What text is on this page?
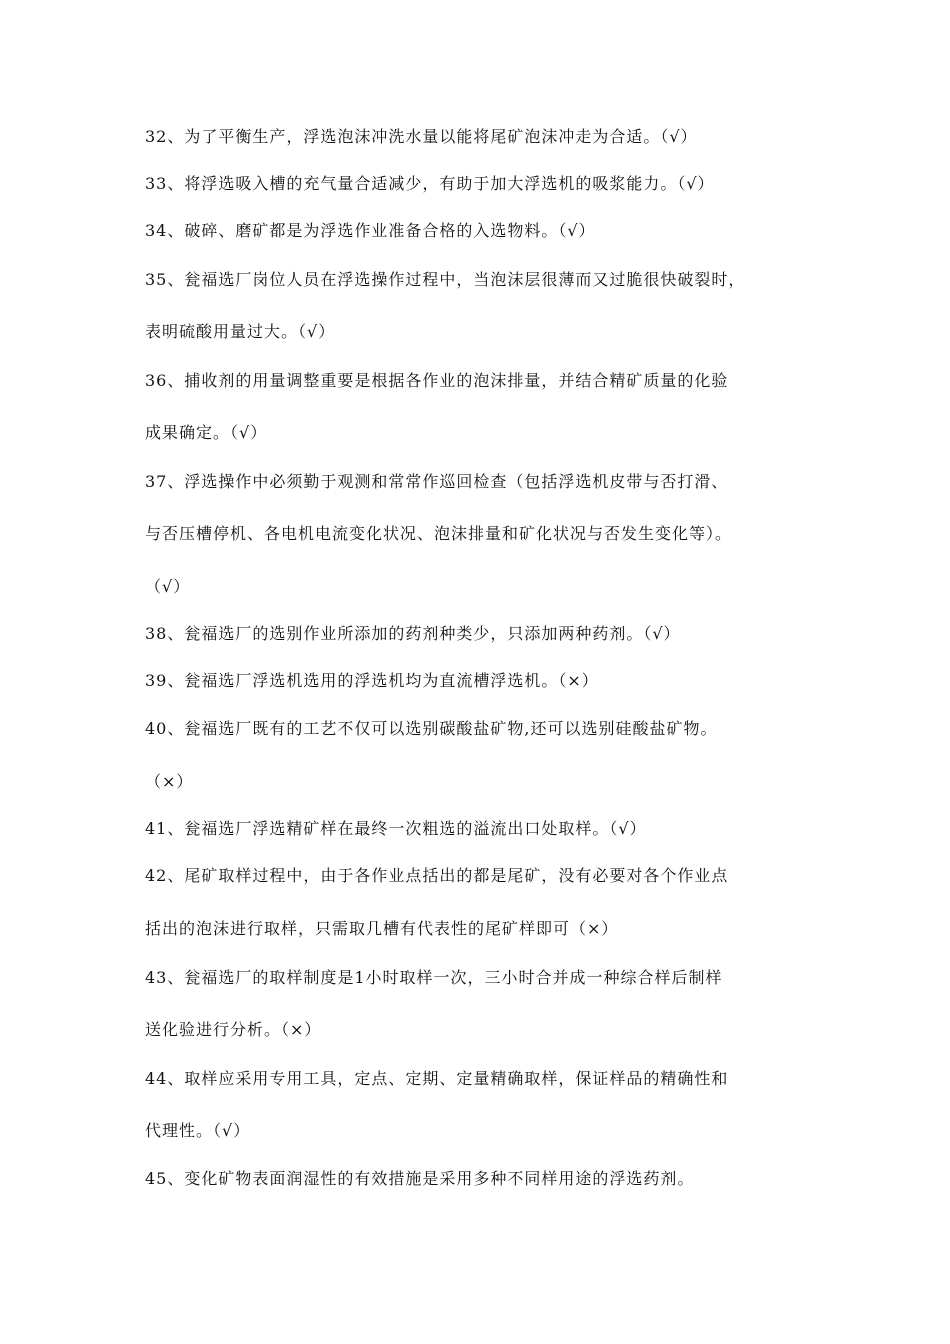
32、为了平衡生产，浮选泡沫冲洗水量以能将尾矿泡沫冲走为合适。（√）
33、将浮选吸入槽的充气量合适减少，有助于加大浮选机的吸浆能力。（√）
34、破碎、磨矿都是为浮选作业准备合格的入选物料。（√）
35、瓮福选厂岗位人员在浮选操作过程中，当泡沫层很薄而又过脆很快破裂时，
表明硫酸用量过大。（√）
36、捕收剂的用量调整重要是根据各作业的泡沫排量，并结合精矿质量的化验
成果确定。（√）
37、浮选操作中必须勤于观测和常常作巡回检查（包括浮选机皮带与否打滑、
与否压槽停机、各电机电流变化状况、泡沫排量和矿化状况与否发生变化等）。
（√）
38、瓮福选厂的选别作业所添加的药剂种类少，只添加两种药剂。（√）
39、瓮福选厂浮选机选用的浮选机均为直流槽浮选机。（×）
40、瓮福选厂既有的工艺不仅可以选别碳酸盐矿物,还可以选别硅酸盐矿物。
（×）
41、瓮福选厂浮选精矿样在最终一次粗选的溢流出口处取样。（√）
42、尾矿取样过程中，由于各作业点括出的都是尾矿，没有必要对各个作业点
括出的泡沫进行取样，只需取几槽有代表性的尾矿样即可（×）
43、瓮福选厂的取样制度是1小时取样一次，三小时合并成一种综合样后制样
送化验进行分析。（×）
44、取样应采用专用工具，定点、定期、定量精确取样，保证样品的精确性和
代理性。（√）
45、变化矿物表面润湿性的有效措施是采用多种不同样用途的浮选药剂。
